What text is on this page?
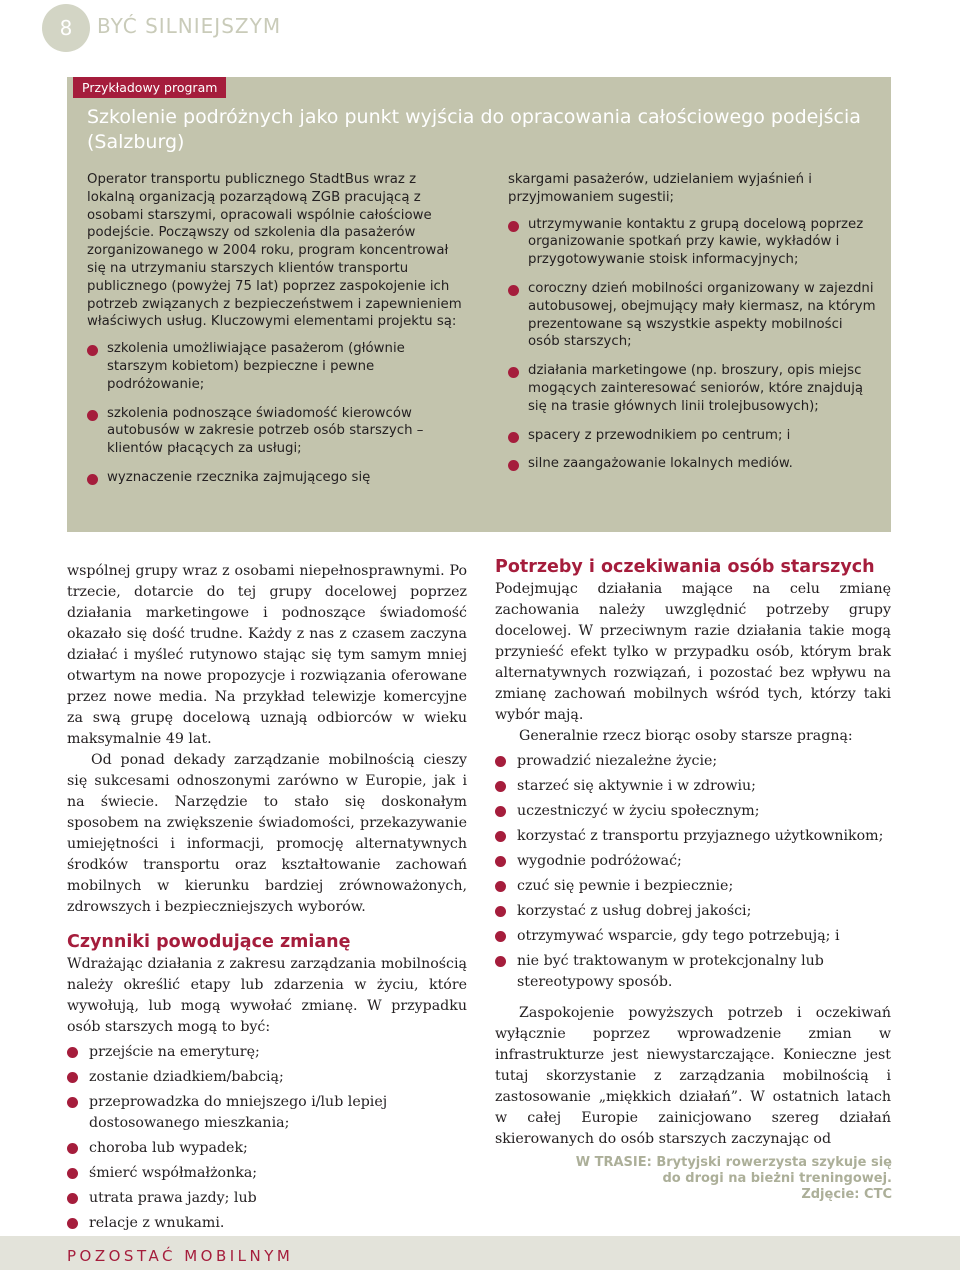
8 BYĆ SILNIEJSZYM
Przykładowy program
Szkolenie podróżnych jako punkt wyjścia do opracowania całościowego podejścia (Salzburg)

Operator transportu publicznego StadtBus wraz z lokalną organizacją pozarządową ZGB pracującą z osobami starszymi, opracowali wspólnie całościowe podejście. Począwszy od szkolenia dla pasażerów zorganizowanego w 2004 roku, program koncentrował się na utrzymaniu starszych klientów transportu publicznego (powyżej 75 lat) poprzez zaspokojenie ich potrzeb związanych z bezpieczeństwem i zapewnieniem właściwych usług. Kluczowymi elementami projektu są:

szkolenia umożliwiające pasażerom (głównie starszym kobietom) bezpieczne i pewne podróżowanie;
szkolenia podnoszące świadomość kierowców autobusów w zakresie potrzeb osób starszych – klientów płacących za usługi;
wyznaczenie rzecznika zajmującego się

skargami pasażerów, udzielaniem wyjaśnień i przyjmowaniem sugestii;

utrzymywanie kontaktu z grupą docelową poprzez organizowanie spotkań przy kawie, wykładów i przygotowywanie stoisk informacyjnych;
coroczny dzień mobilności organizowany w zajezdni autobusowej, obejmujący mały kiermasz, na którym prezentowane są wszystkie aspekty mobilności osób starszych;
działania marketingowe (np. broszury, opis miejsc mogących zainteresować seniorów, które znajdują się na trasie głównych linii trolejbusowych);
spacery z przewodnikiem po centrum; i
silne zaangażowanie lokalnych mediów.

wspólnej grupy wraz z osobami niepełnosprawnymi. Po trzecie, dotarcie do tej grupy docelowej poprzez działania marketingowe i podnoszące świadomość okazało się dość trudne. Każdy z nas z czasem zaczyna działać i myśleć rutynowo stając się tym samym mniej otwartym na nowe propozycje i rozwiązania oferowane przez nowe media. Na przykład telewizje komercyjne za swą grupę docelową uznają odbiorców w wieku maksymalnie 49 lat.

Od ponad dekady zarządzanie mobilnością cieszy się sukcesami odnoszonymi zarówno w Europie, jak i na świecie. Narzędzie to stało się doskonałym sposobem na zwiększenie świadomości, przekazywanie umiejętności i informacji, promocję alternatywnych środków transportu oraz kształtowanie zachowań mobilnych w kierunku bardziej zrównoważonych, zdrowszych i bezpieczniejszych wyborów.

Czynniki powodujące zmianę

Wdrażając działania z zakresu zarządzania mobilnością należy określić etapy lub zdarzenia w życiu, które wywołują, lub mogą wywołać zmianę. W przypadku osób starszych mogą to być:

przejście na emeryturę;
zostanie dziadkiem/babcią;
przeprowadzka do mniejszego i/lub lepiej dostosowanego mieszkania;
choroba lub wypadek;
śmierć współmałżonka;
utrata prawa jazdy; lub
relacje z wnukami.
Potrzeby i oczekiwania osób starszych

Podejmując działania mające na celu zmianę zachowania należy uwzględnić potrzeby grupy docelowej. W przeciwnym razie działania takie mogą przynieść efekt tylko w przypadku osób, którym brak alternatywnych rozwiązań, i pozostać bez wpływu na zmianę zachowań mobilnych wśród tych, którzy taki wybór mają.

Generalnie rzecz biorąc osoby starsze pragną:

prowadzić niezależne życie;
starzeć się aktywnie i w zdrowiu;
uczestniczyć w życiu społecznym;
korzystać z transportu przyjaznego użytkownikom;
wygodnie podróżować;
czuć się pewnie i bezpiecznie;
korzystać z usług dobrej jakości;
otrzymywać wsparcie, gdy tego potrzebują; i
nie być traktowanym w protekcjonalny lub stereotypowy sposób.

Zaspokojenie powyższych potrzeb i oczekiwań wyłącznie poprzez wprowadzenie zmian w infrastrukturze jest niewystarczające. Konieczne jest tutaj skorzystanie z zarządzania mobilnością i zastosowanie „miękkich działań”. W ostatnich latach w całej Europie zainicjowano szereg działań skierowanych do osób starszych zaczynając od

W TRASIE: Brytyjski rowerzysta szykuje się
do drogi na bieżni treningowej.
Zdjęcie: CTC
POZOSTAĆ MOBILNYM
